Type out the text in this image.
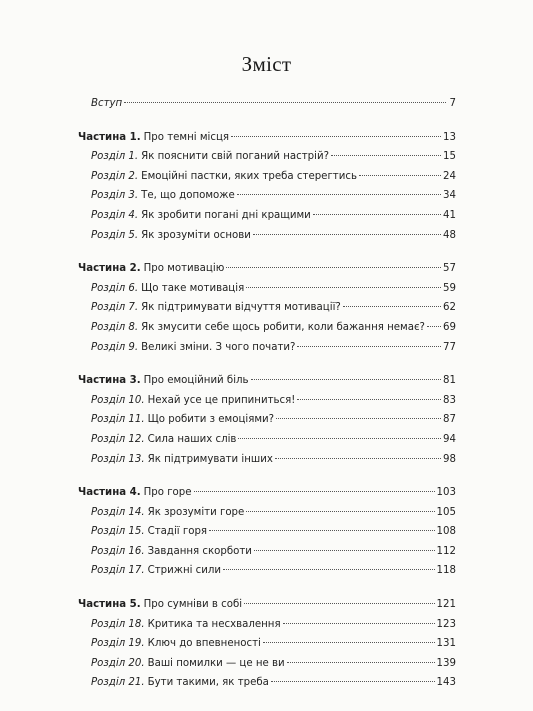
Зміст
Вступ	7
Частина 1. Про темні місця	13
Розділ 1. Як пояснити свій поганий настрій?	15
Розділ 2. Емоційні пастки, яких треба стерегтись	24
Розділ 3. Те, що допоможе	34
Розділ 4. Як зробити погані дні кращими	41
Розділ 5. Як зрозуміти основи	48
Частина 2. Про мотивацію	57
Розділ 6. Що таке мотивація	59
Розділ 7. Як підтримувати відчуття мотивації?	62
Розділ 8. Як змусити себе щось робити, коли бажання немає? 69
Розділ 9. Великі зміни. З чого почати?	77
Частина 3. Про емоційний біль	81
Розділ 10. Нехай усе це припиниться!	83
Розділ 11. Що робити з емоціями?	87
Розділ 12. Сила наших слів	94
Розділ 13. Як підтримувати інших	98
Частина 4. Про горе	103
Розділ 14. Як зрозуміти горе	105
Розділ 15. Стадії горя	108
Розділ 16. Завдання скорботи	112
Розділ 17. Стрижні сили	118
Частина 5. Про сумніви в собі	121
Розділ 18. Критика та несхвалення	123
Розділ 19. Ключ до впевненості	131
Розділ 20. Ваші помилки — це не ви	139
Розділ 21. Бути такими, як треба	143
